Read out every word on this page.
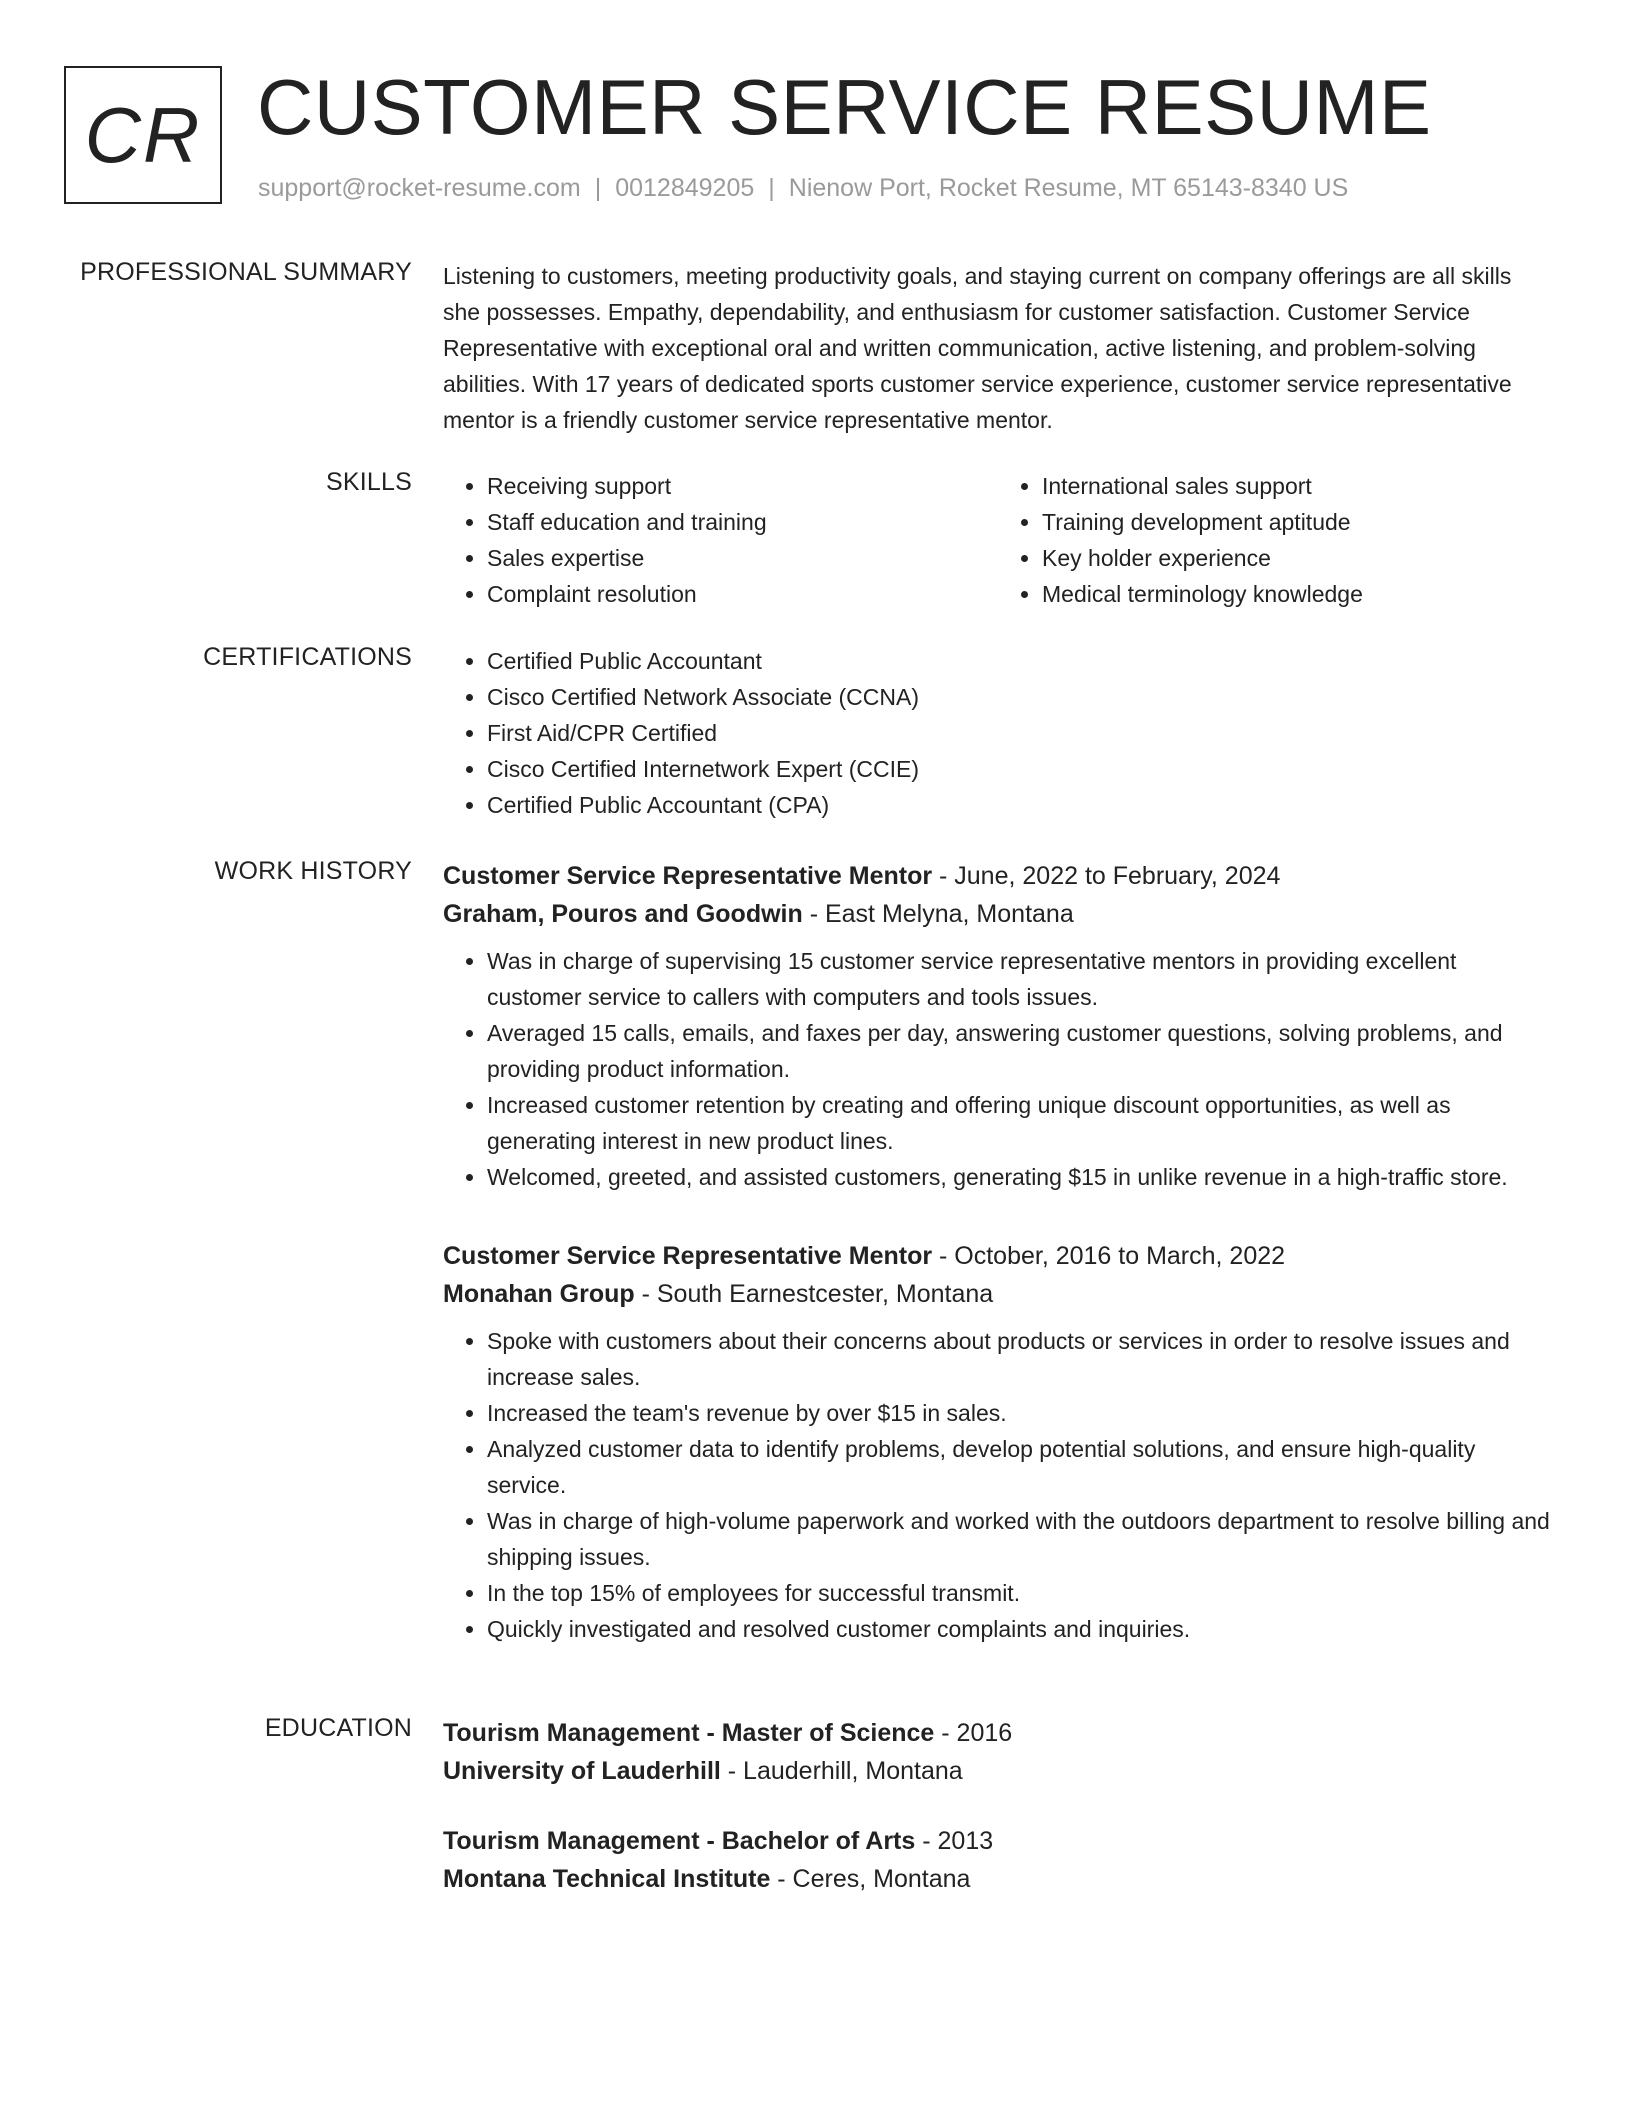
CR CUSTOMER SERVICE RESUME

support@rocket-resume.com | 0012849205 | Nienow Port, Rocket Resume, MT 65143-8340 US

PROFESSIONAL SUMMARY Listening to customers, meeting productivity goals, and staying current on company offerings are all skills she possesses. Empathy, dependability, and enthusiasm for customer satisfaction. Customer Service Representative with exceptional oral and written communication, active listening, and problem-solving abilities. With 17 years of dedicated sports customer service experience, customer service representative mentor is a friendly customer service representative mentor.

SKILLS	• Receiving support
• Staff education and training
• Sales expertise
• Complaint resolution
• International sales support
• Training development aptitude
• Key holder experience
• Medical terminology knowledge
CERTIFICATIONS	• Certified Public Accountant
• Cisco Certified Network Associate (CCNA)
• First Aid/CPR Certified
• Cisco Certified Internetwork Expert (CCIE)
• Certified Public Accountant (CPA)
WORK HISTORY Customer Service Representative Mentor - June, 2022 to February, 2024

Graham, Pouros and Goodwin - East Melyna, Montana

• Was in charge of supervising 15 customer service representative mentors in providing excellent customer service to callers with computers and tools issues.
• Averaged 15 calls, emails, and faxes per day, answering customer questions, solving problems, and providing product information.
• Increased customer retention by creating and offering unique discount opportunities, as well as generating interest in new product lines.
• Welcomed, greeted, and assisted customers, generating $15 in unlike revenue in a high-traffic store.

Customer Service Representative Mentor - October, 2016 to March, 2022

Monahan Group - South Earnestcester, Montana

• Spoke with customers about their concerns about products or services in order to resolve issues and increase sales.
• Increased the team's revenue by over $15 in sales.
• Analyzed customer data to identify problems, develop potential solutions, and ensure high-quality service.
• Was in charge of high-volume paperwork and worked with the outdoors department to resolve billing and shipping issues.
• In the top 15% of employees for successful transmit.
• Quickly investigated and resolved customer complaints and inquiries.
EDUCATION Tourism Management - Master of Science - 2016

University of Lauderhill - Lauderhill, Montana

Tourism Management - Bachelor of Arts - 2013

Montana Technical Institute - Ceres, Montana
